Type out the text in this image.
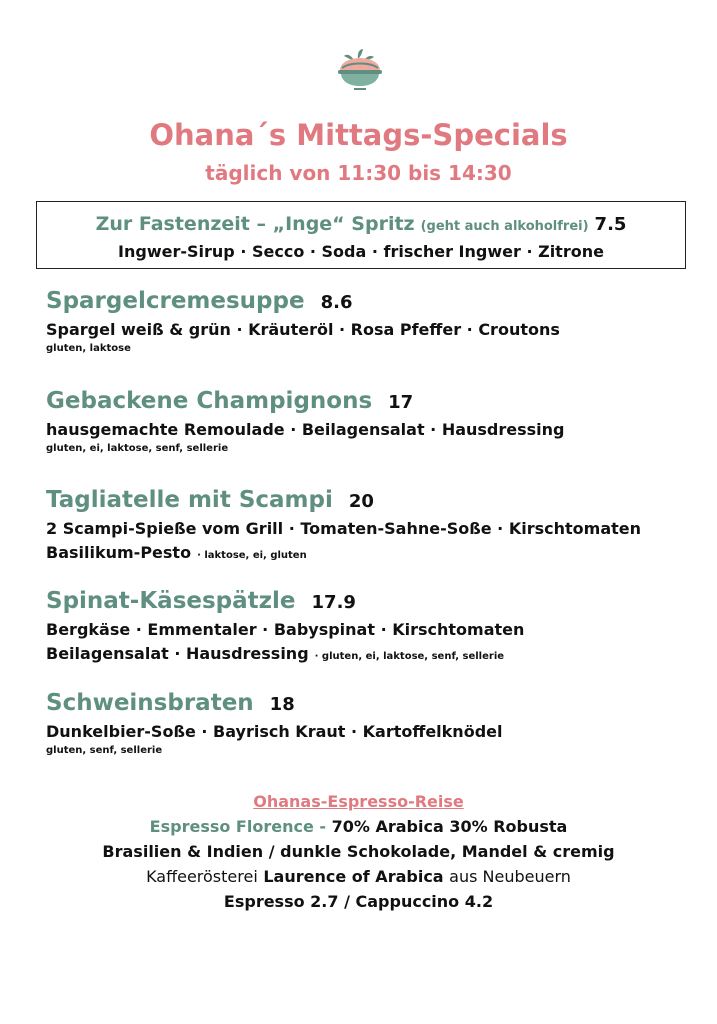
Ohana´s Mittags-Specials
täglich von 11:30 bis 14:30
Zur Fastenzeit – „Inge“ Spritz (geht auch alkoholfrei) 7.5
Ingwer-Sirup · Secco · Soda · frischer Ingwer · Zitrone
Spargelcremesuppe 8.6
Spargel weiß & grün · Kräuteröl · Rosa Pfeffer · Croutons
gluten, laktose
Gebackene Champignons 17
hausgemachte Remoulade · Beilagensalat · Hausdressing
gluten, ei, laktose, senf, sellerie
Tagliatelle mit Scampi 20
2 Scampi-Spieße vom Grill · Tomaten-Sahne-Soße · Kirschtomaten
Basilikum-Pesto · laktose, ei, gluten
Spinat-Käsespätzle 17.9
Bergkäse · Emmentaler · Babyspinat · Kirschtomaten
Beilagensalat · Hausdressing · gluten, ei, laktose, senf, sellerie
Schweinsbraten 18
Dunkelbier-Soße · Bayrisch Kraut · Kartoffelknödel
gluten, senf, sellerie
Ohanas-Espresso-Reise
Espresso Florence - 70% Arabica 30% Robusta
Brasilien & Indien / dunkle Schokolade, Mandel & cremig
Kaffeerösterei Laurence of Arabica aus Neubeuern
Espresso 2.7 / Cappuccino 4.2
